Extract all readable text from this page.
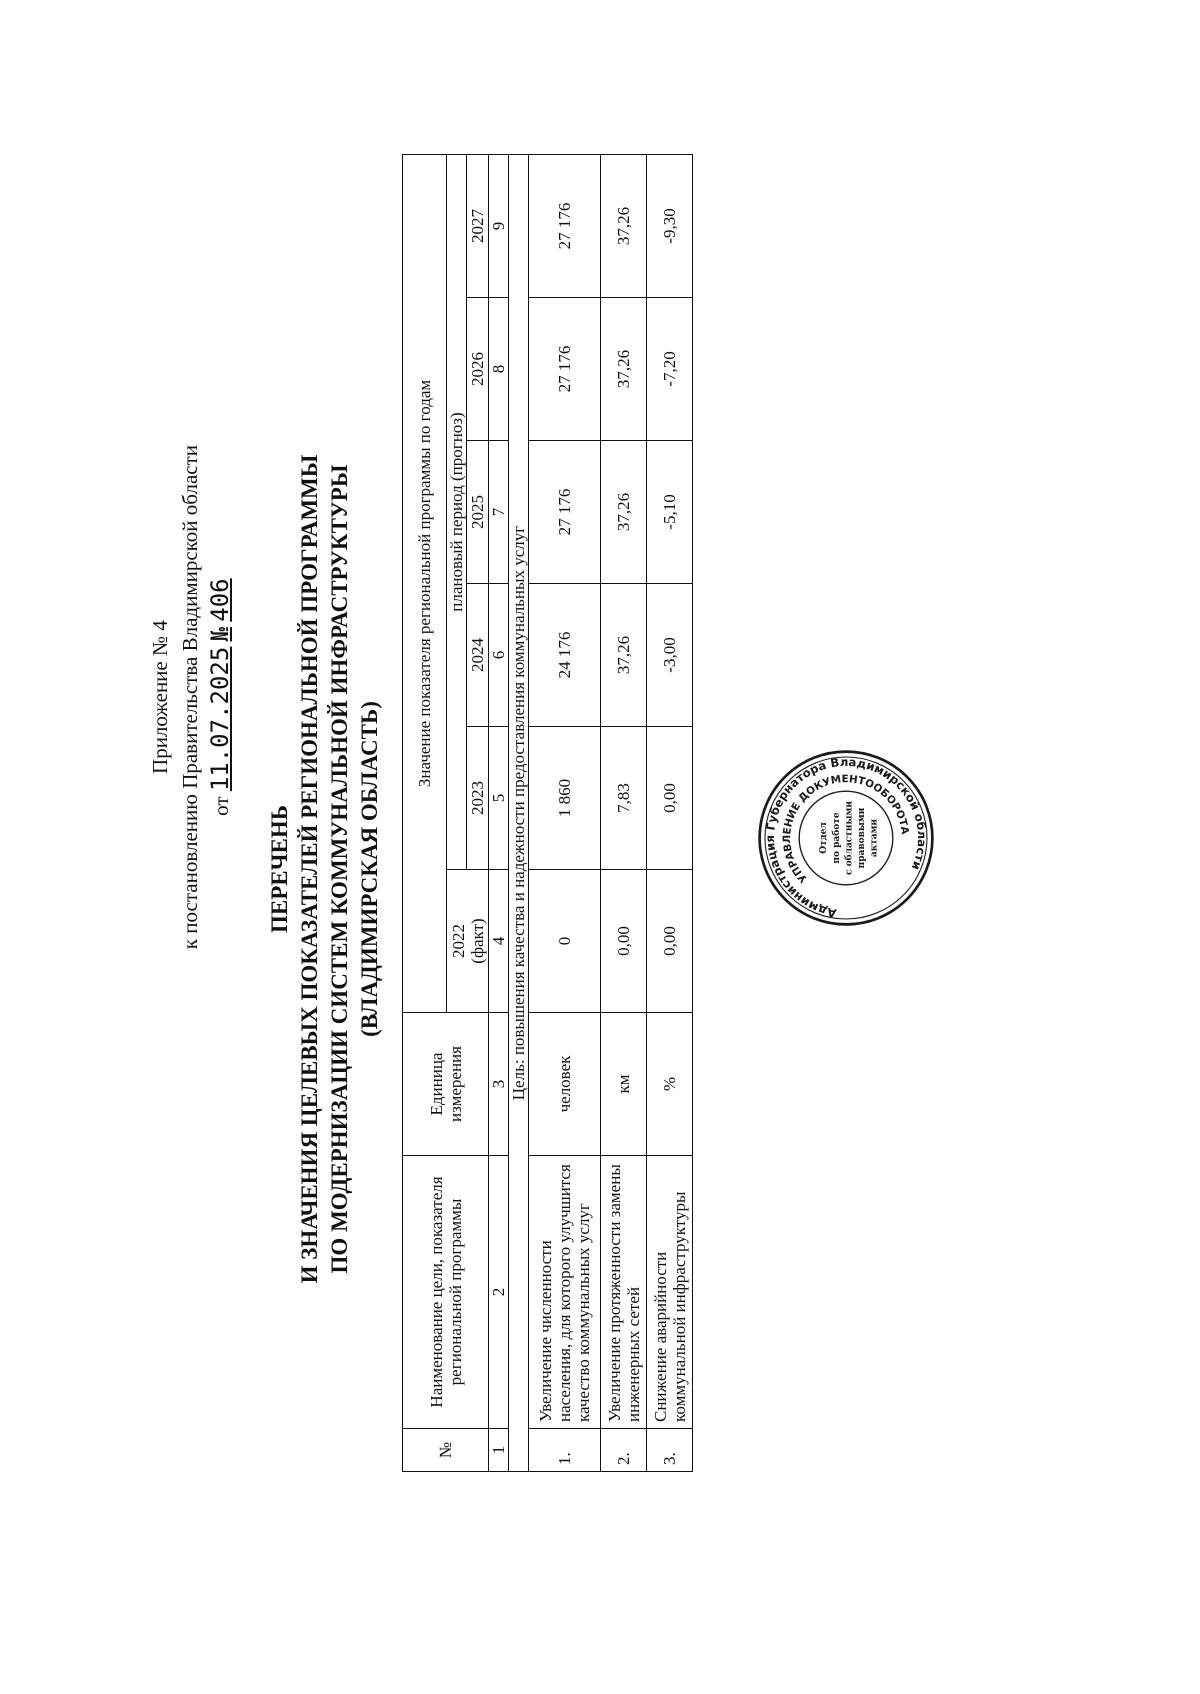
Приложение № 4 к постановлению Правительства Владимирской области от 11.07.2025 № 406
ПЕРЕЧЕНЬ И ЗНАЧЕНИЯ ЦЕЛЕВЫХ ПОКАЗАТЕЛЕЙ РЕГИОНАЛЬНОЙ ПРОГРАММЫ ПО МОДЕРНИЗАЦИИ СИСТЕМ КОММУНАЛЬНОЙ ИНФРАСТРУКТУРЫ (ВЛАДИМИРСКАЯ ОБЛАСТЬ)
№	Наименование цели, показателя региональной программы	Единица измерения	Значение показателя региональной программы по годам					

			2022 (факт)	плановый период (прогноз)				
				2023	2024	2025	2026	2027
1	2	3	4	5	6	7	8	9
Цель: повышения качества и надежности предоставления коммунальных услуг								
1.	Увеличение численности населения, для которого улучшится качество коммунальных услуг	человек	0	1 860	24 176	27 176	27 176	27 176
2.	Увеличение протяженности замены инженерных сетей	км	0,00	7,83	37,26	37,26	37,26	37,26
3.	Снижение аварийности коммунальной инфраструктуры	%	0,00	0,00	-3,00	-5,10	-7,20	-9,30
Администрация Губернатора Владимирской области
УПРАВЛЕНИЕ ДОКУМЕНТООБОРОТА
Отдел по работе с областными правовыми актами
